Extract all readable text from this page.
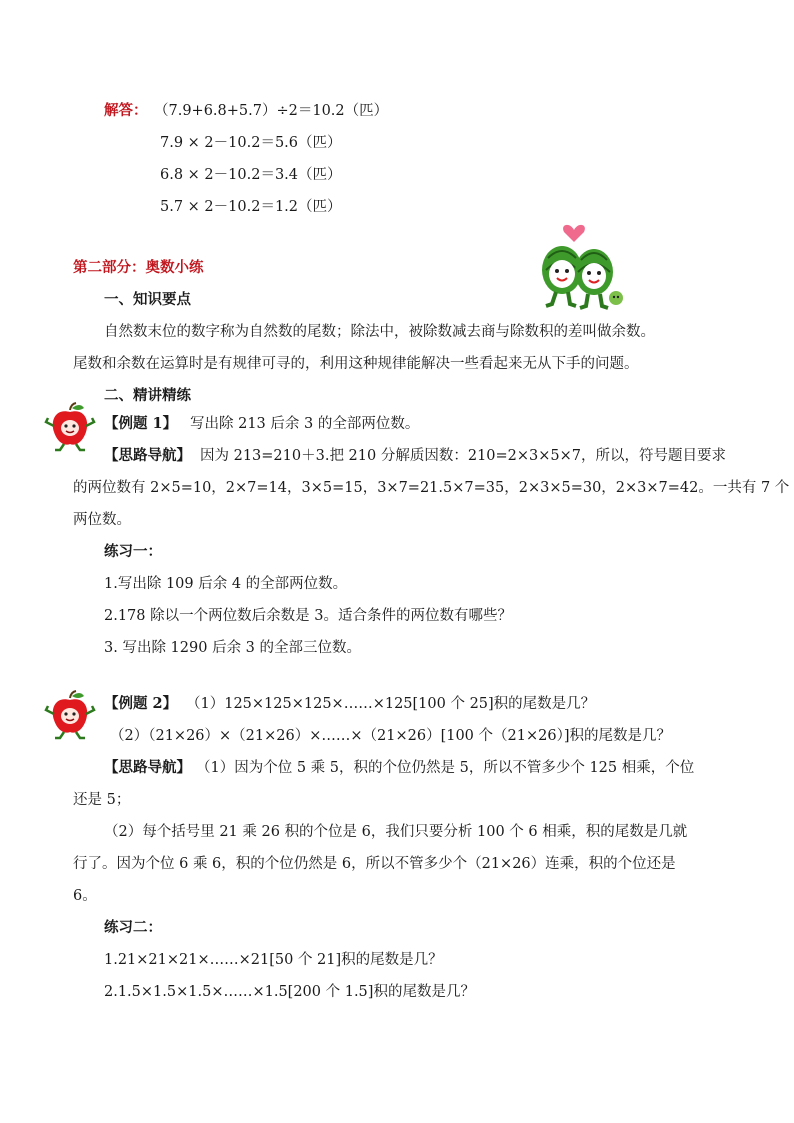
解答： （7.9+6.8+5.7）÷2＝10.2（匹）
7.9 × 2－10.2＝5.6（匹）
6.8 × 2－10.2＝3.4（匹）
5.7 × 2－10.2＝1.2（匹）
第二部分：奥数小练
一、知识要点
自然数末位的数字称为自然数的尾数；除法中，被除数减去商与除数积的差叫做余数。
尾数和余数在运算时是有规律可寻的，利用这种规律能解决一些看起来无从下手的问题。
二、精讲精练
【例题 1】 写出除 213 后余 3 的全部两位数。
【思路导航】 因为 213=210＋3.把 210 分解质因数：210=2×3×5×7，所以，符号题目要求
的两位数有 2×5=10，2×7=14，3×5=15，3×7=21.5×7=35，2×3×5=30，2×3×7=42。一共有 7 个
两位数。
练习一：
1.写出除 109 后余 4 的全部两位数。
2.178 除以一个两位数后余数是 3。适合条件的两位数有哪些？
3. 写出除 1290 后余 3 的全部三位数。
【例题 2】 （1）125×125×125×……×125[100 个 25]积的尾数是几？
（2）（21×26）×（21×26）×……×（21×26）[100 个（21×26）]积的尾数是几？
【思路导航】 （1）因为个位 5 乘 5，积的个位仍然是 5，所以不管多少个 125 相乘，个位
还是 5；
（2）每个括号里 21 乘 26 积的个位是 6，我们只要分析 100 个 6 相乘，积的尾数是几就
行了。因为个位 6 乘 6，积的个位仍然是 6，所以不管多少个（21×26）连乘，积的个位还是
6。
练习二：
1.21×21×21×……×21[50 个 21]积的尾数是几？
2.1.5×1.5×1.5×……×1.5[200 个 1.5]积的尾数是几？
